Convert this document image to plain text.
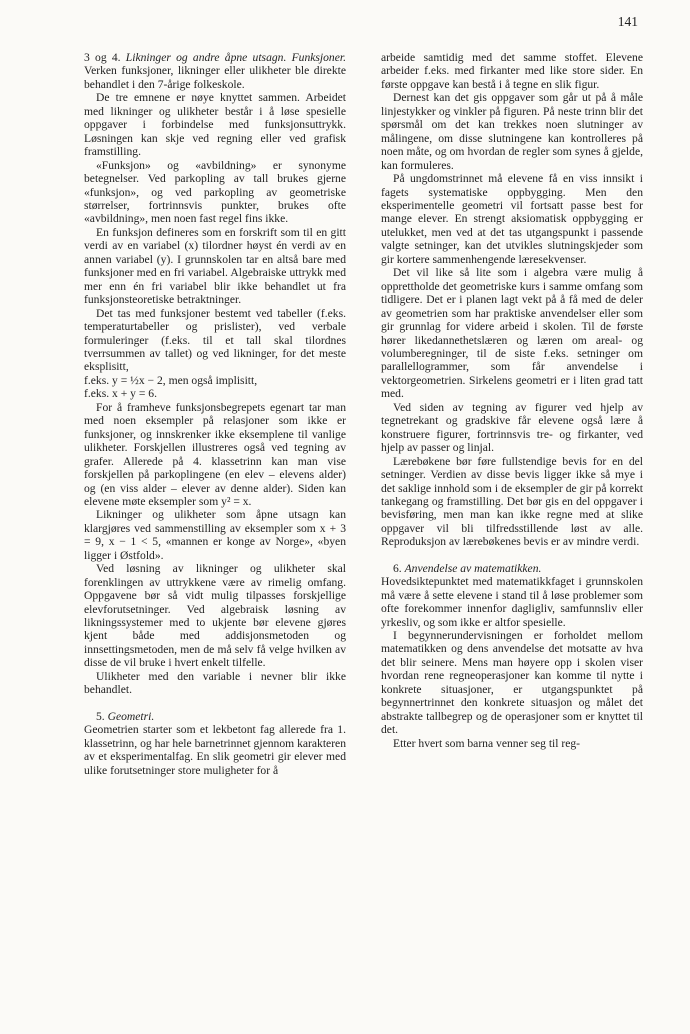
141

3 og 4. Likninger og andre åpne utsagn. Funksjoner. Verken funksjoner, likninger eller ulikheter ble direkte behandlet i den 7-årige folkeskole.

De tre emnene er nøye knyttet sammen. Arbeidet med likninger og ulikheter består i å løse spesielle oppgaver i forbindelse med funksjonsuttrykk. Løsningen kan skje ved regning eller ved grafisk framstilling.

«Funksjon» og «avbildning» er synonyme betegnelser. Ved parkopling av tall brukes gjerne «funksjon», og ved parkopling av geometriske størrelser, fortrinnsvis punkter, brukes ofte «avbildning», men noen fast regel fins ikke.

En funksjon defineres som en forskrift som til en gitt verdi av en variabel (x) tilordner høyst én verdi av en annen variabel (y). I grunnskolen tar en altså bare med funksjoner med en fri variabel. Algebraiske uttrykk med mer enn én fri variabel blir ikke behandlet ut fra funksjonsteoretiske betraktninger.

Det tas med funksjoner bestemt ved tabeller (f.eks. temperaturtabeller og prislister), ved verbale formuleringer (f.eks. til et tall skal tilordnes tverrsummen av tallet) og ved likninger, for det meste eksplisitt,

f.eks. y = ½x − 2, men også implisitt,

f.eks. x + y = 6.

For å framheve funksjonsbegrepets egenart tar man med noen eksempler på relasjoner som ikke er funksjoner, og innskrenker ikke eksemplene til vanlige ulikheter. Forskjellen illustreres også ved tegning av grafer. Allerede på 4. klassetrinn kan man vise forskjellen på parkoplingene (en elev – elevens alder) og (en viss alder – elever av denne alder). Siden kan elevene møte eksempler som y² = x.

Likninger og ulikheter som åpne utsagn kan klargjøres ved sammenstilling av eksempler som x + 3 = 9, x − 1 < 5, «mannen er konge av Norge», «byen ligger i Østfold».

Ved løsning av likninger og ulikheter skal forenklingen av uttrykkene være av rimelig omfang. Oppgavene bør så vidt mulig tilpasses forskjellige elevforutsetninger. Ved algebraisk løsning av likningssystemer med to ukjente bør elevene gjøres kjent både med addisjonsmetoden og innsettingsmetoden, men de må selv få velge hvilken av disse de vil bruke i hvert enkelt tilfelle.

Ulikheter med den variable i nevner blir ikke behandlet.

5. Geometri.

Geometrien starter som et lekbetont fag allerede fra 1. klassetrinn, og har hele barnetrinnet gjennom karakteren av et eksperimentalfag. En slik geometri gir elever med ulike forutsetninger store muligheter for å

arbeide samtidig med det samme stoffet. Elevene arbeider f.eks. med firkanter med like store sider. En første oppgave kan bestå i å tegne en slik figur.

Dernest kan det gis oppgaver som går ut på å måle linjestykker og vinkler på figuren. På neste trinn blir det spørsmål om det kan trekkes noen slutninger av målingene, om disse slutningene kan kontrolleres på noen måte, og om hvordan de regler som synes å gjelde, kan formuleres.

På ungdomstrinnet må elevene få en viss innsikt i fagets systematiske oppbygging. Men den eksperimentelle geometri vil fortsatt passe best for mange elever. En strengt aksiomatisk oppbygging er utelukket, men ved at det tas utgangspunkt i passende valgte setninger, kan det utvikles slutningskjeder som gir kortere sammenhengende læresekvenser.

Det vil like så lite som i algebra være mulig å opprettholde det geometriske kurs i samme omfang som tidligere. Det er i planen lagt vekt på å få med de deler av geometrien som har praktiske anvendelser eller som gir grunnlag for videre arbeid i skolen. Til de første hører likedannethetslæren og læren om areal- og volumberegninger, til de siste f.eks. setninger om parallellogrammer, som får anvendelse i vektorgeometrien. Sirkelens geometri er i liten grad tatt med.

Ved siden av tegning av figurer ved hjelp av tegnetrekant og gradskive får elevene også lære å konstruere figurer, fortrinnsvis tre- og firkanter, ved hjelp av passer og linjal.

Lærebøkene bør føre fullstendige bevis for en del setninger. Verdien av disse bevis ligger ikke så mye i det saklige innhold som i de eksempler de gir på korrekt tankegang og framstilling. Det bør gis en del oppgaver i bevisføring, men man kan ikke regne med at slike oppgaver vil bli tilfredsstillende løst av alle. Reproduksjon av lærebøkenes bevis er av mindre verdi.

6. Anvendelse av matematikken.

Hovedsiktepunktet med matematikkfaget i grunnskolen må være å sette elevene i stand til å løse problemer som ofte forekommer innenfor dagligliv, samfunnsliv eller yrkesliv, og som ikke er altfor spesielle.

I begynnerundervisningen er forholdet mellom matematikken og dens anvendelse det motsatte av hva det blir seinere. Mens man høyere opp i skolen viser hvordan rene regneoperasjoner kan komme til nytte i konkrete situasjoner, er utgangspunktet på begynnertrinnet den konkrete situasjon og målet det abstrakte tallbegrep og de operasjoner som er knyttet til det.

Etter hvert som barna venner seg til reg-
